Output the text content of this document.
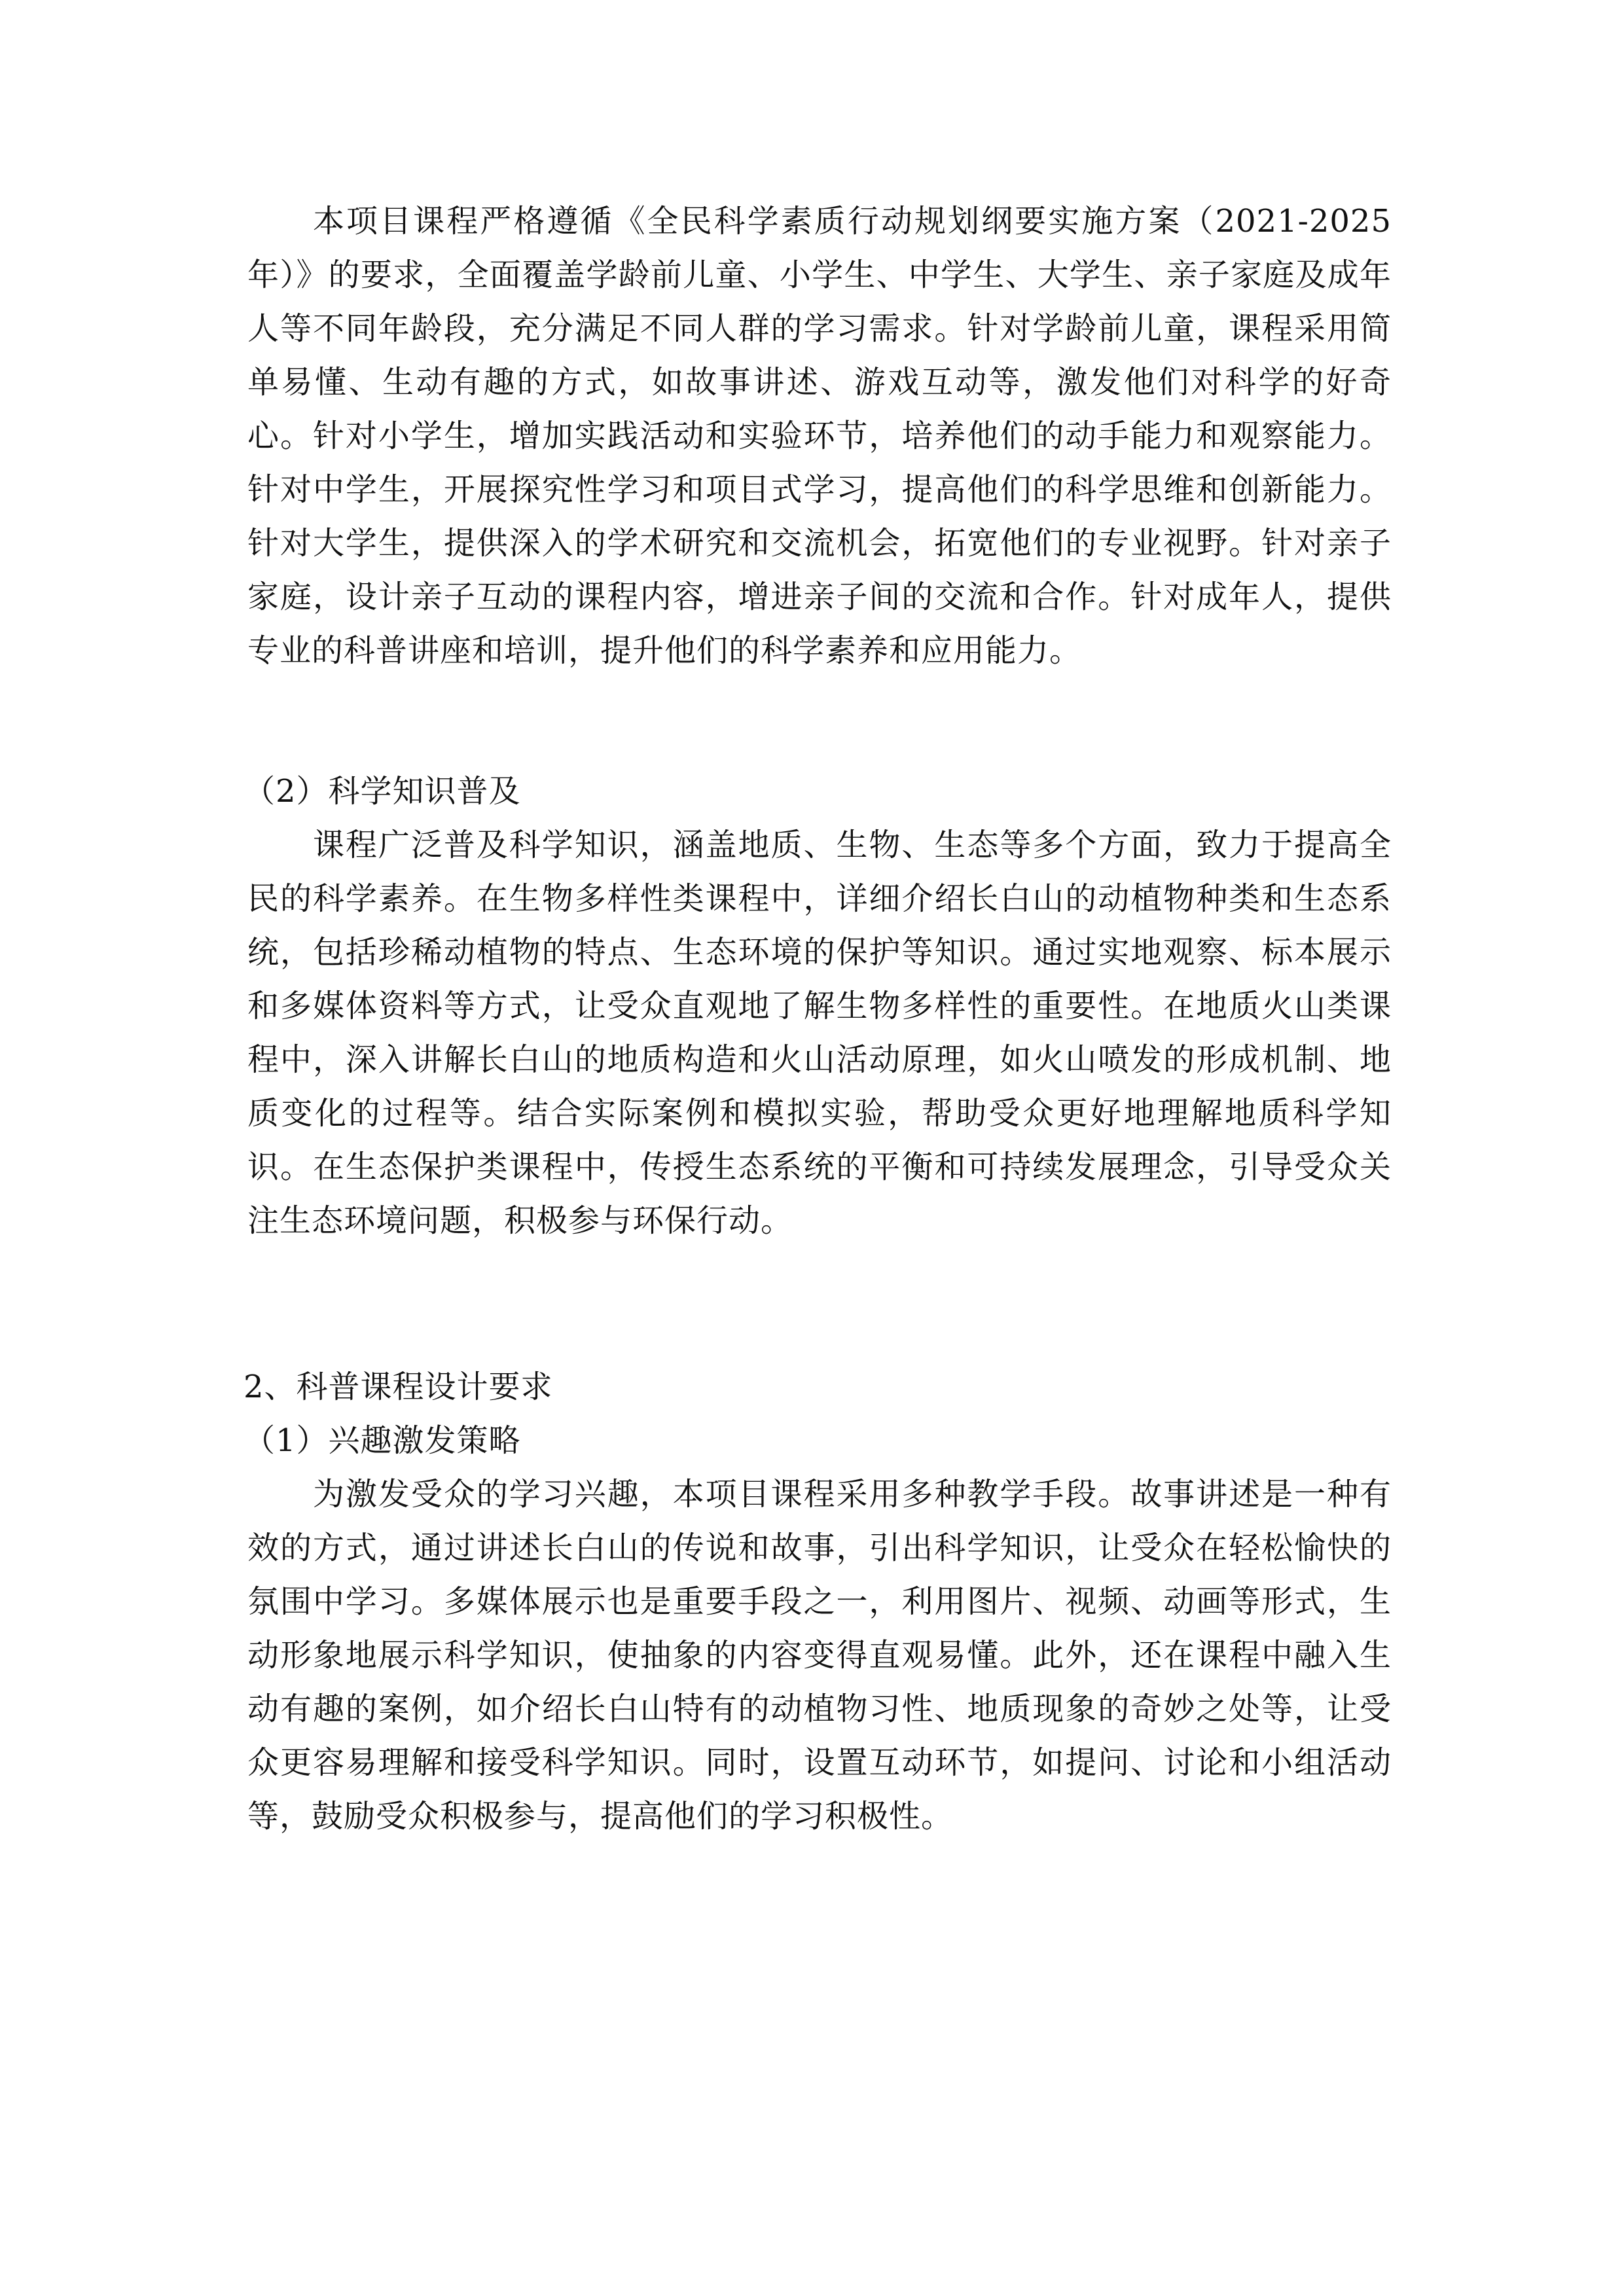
本项目课程严格遵循《全民科学素质行动规划纲要实施方案（2021-2025年）》的要求，全面覆盖学龄前儿童、小学生、中学生、大学生、亲子家庭及成年人等不同年龄段，充分满足不同人群的学习需求。针对学龄前儿童，课程采用简单易懂、生动有趣的方式，如故事讲述、游戏互动等，激发他们对科学的好奇心。针对小学生，增加实践活动和实验环节，培养他们的动手能力和观察能力。针对中学生，开展探究性学习和项目式学习，提高他们的科学思维和创新能力。针对大学生，提供深入的学术研究和交流机会，拓宽他们的专业视野。针对亲子家庭，设计亲子互动的课程内容，增进亲子间的交流和合作。针对成年人，提供专业的科普讲座和培训，提升他们的科学素养和应用能力。

（2）科学知识普及

课程广泛普及科学知识，涵盖地质、生物、生态等多个方面，致力于提高全民的科学素养。在生物多样性类课程中，详细介绍长白山的动植物种类和生态系统，包括珍稀动植物的特点、生态环境的保护等知识。通过实地观察、标本展示和多媒体资料等方式，让受众直观地了解生物多样性的重要性。在地质火山类课程中，深入讲解长白山的地质构造和火山活动原理，如火山喷发的形成机制、地质变化的过程等。结合实际案例和模拟实验，帮助受众更好地理解地质科学知识。在生态保护类课程中，传授生态系统的平衡和可持续发展理念，引导受众关注生态环境问题，积极参与环保行动。

2、科普课程设计要求

（1）兴趣激发策略

为激发受众的学习兴趣，本项目课程采用多种教学手段。故事讲述是一种有效的方式，通过讲述长白山的传说和故事，引出科学知识，让受众在轻松愉快的氛围中学习。多媒体展示也是重要手段之一，利用图片、视频、动画等形式，生动形象地展示科学知识，使抽象的内容变得直观易懂。此外，还在课程中融入生动有趣的案例，如介绍长白山特有的动植物习性、地质现象的奇妙之处等，让受众更容易理解和接受科学知识。同时，设置互动环节，如提问、讨论和小组活动等，鼓励受众积极参与，提高他们的学习积极性。
